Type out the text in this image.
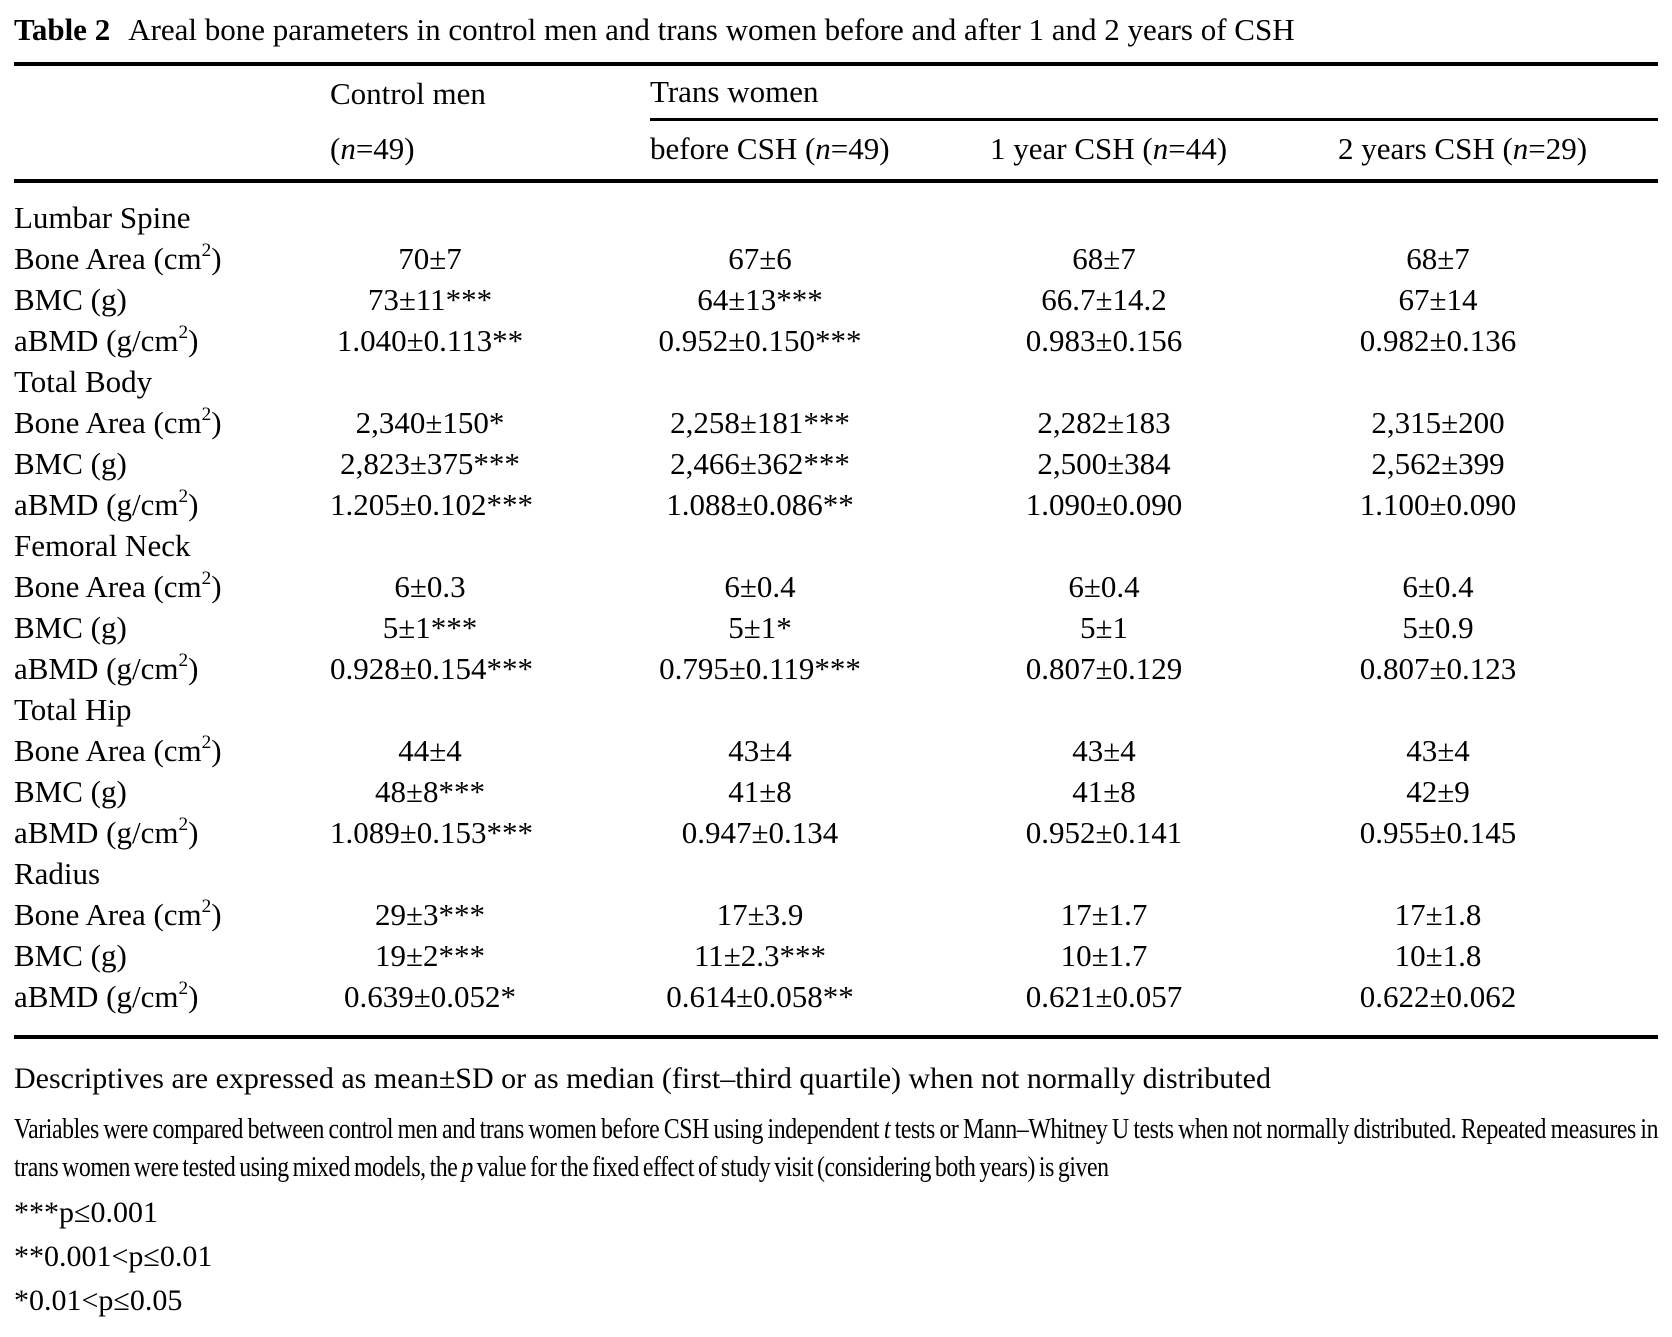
Table 2 Areal bone parameters in control men and trans women before and after 1 and 2 years of CSH
	Control men	Trans women		
	(n=49)	before CSH (n=49)	1 year CSH (n=44)	2 years CSH (n=29)
Lumbar Spine				
Bone Area $(cm^2)$	70±7	67±6	68±7	68±7
BMC (g)	73±11***	64±13***	66.7±14.2	67±14
aBMD $(g/cm^2)$	1.040±0.113**	0.952±0.150***	0.983±0.156	0.982±0.136
Total Body				
Bone Area $(cm^2)$	2,340±150*	2,258±181***	2,282±183	2,315±200
BMC (g)	2,823±375***	2,466±362***	2,500±384	2,562±399
aBMD $(g/cm^2)$	1.205±0.102***	1.088±0.086**	1.090±0.090	1.100±0.090
Femoral Neck				
Bone Area $(cm^2)$	6±0.3	6±0.4	6±0.4	6±0.4
BMC (g)	5±1***	5±1*	5±1	5±0.9
aBMD $(g/cm^2)$	0.928±0.154***	0.795±0.119***	0.807±0.129	0.807±0.123
Total Hip				
Bone Area $(cm^2)$	44±4	43±4	43±4	43±4
BMC (g)	48±8***	41±8	41±8	42±9
aBMD $(g/cm^2)$	1.089±0.153***	0.947±0.134	0.952±0.141	0.955±0.145
Radius				
Bone Area $(cm^2)$	29±3***	17±3.9	17±1.7	17±1.8
BMC (g)	19±2***	11±2.3***	10±1.7	10±1.8
aBMD $(g/cm^2)$	0.639±0.052*	0.614±0.058**	0.621±0.057	0.622±0.062
Descriptives are expressed as mean±SD or as median (first–third quartile) when not normally distributed
Variables were compared between control men and trans women before CSH using independent t tests or Mann–Whitney U tests when not normally distributed. Repeated measures in trans women were tested using mixed models, the p value for the fixed effect of study visit (considering both years) is given
***p≤0.001
**0.001<p≤0.01
*0.01<p≤0.05
